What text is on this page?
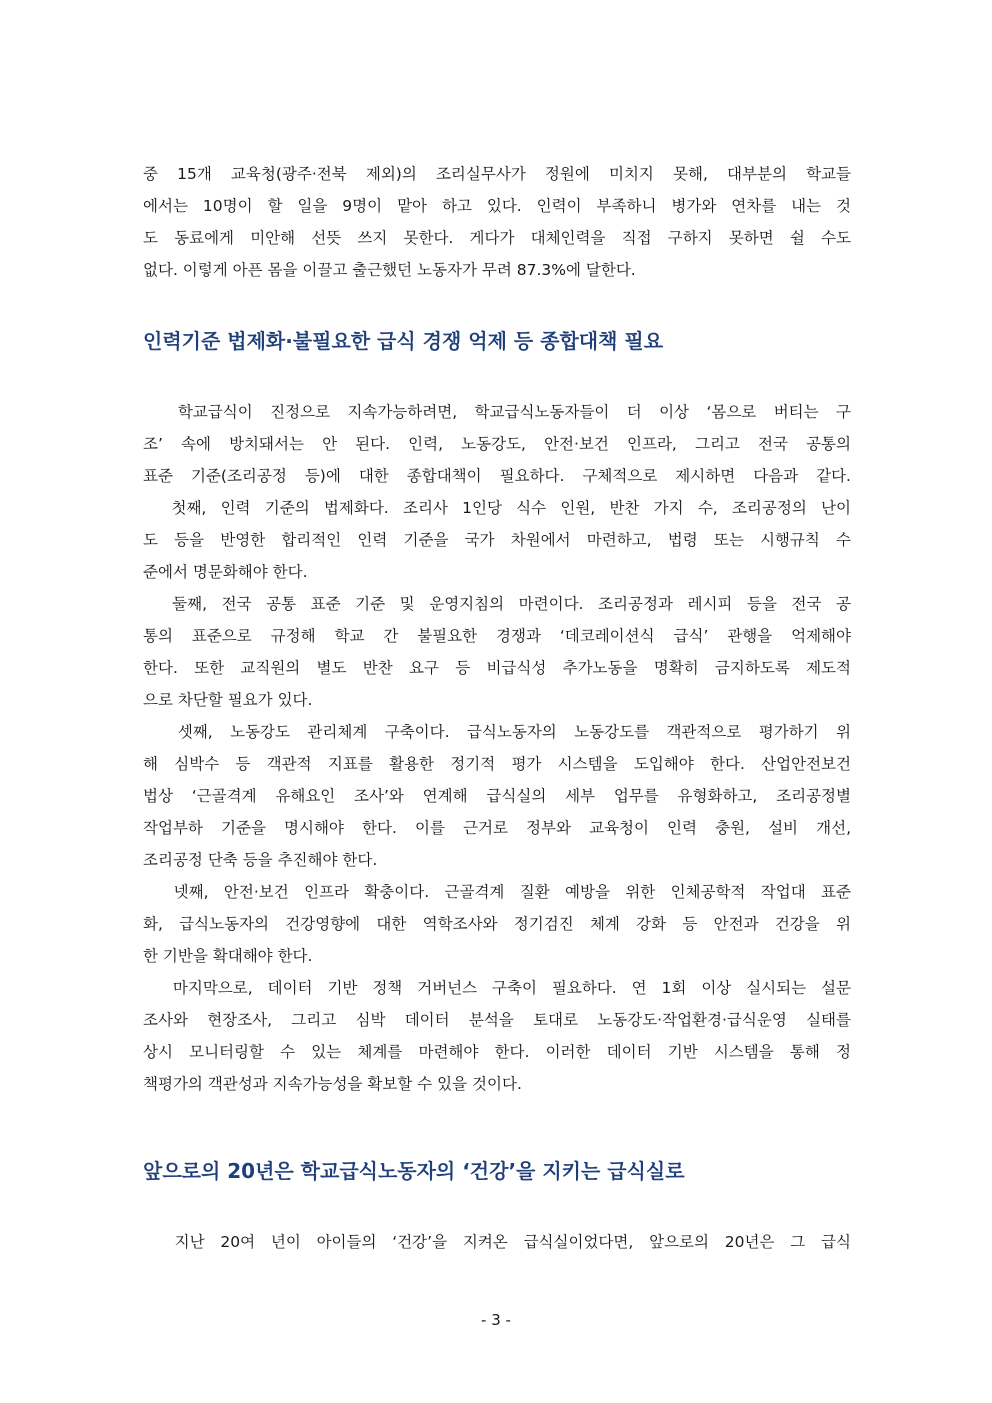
중 15개 교육청(광주·전북 제외)의 조리실무사가 정원에 미치지 못해, 대부분의 학교들
에서는 10명이 할 일을 9명이 맡아 하고 있다. 인력이 부족하니 병가와 연차를 내는 것
도 동료에게 미안해 선뜻 쓰지 못한다. 게다가 대체인력을 직접 구하지 못하면 쉴 수도
없다. 이렇게 아픈 몸을 이끌고 출근했던 노동자가 무려 87.3%에 달한다.

인력기준 법제화·불필요한 급식 경쟁 억제 등 종합대책 필요

학교급식이 진정으로 지속가능하려면, 학교급식노동자들이 더 이상 ‘몸으로 버티는 구
조’ 속에 방치돼서는 안 된다. 인력, 노동강도, 안전·보건 인프라, 그리고 전국 공통의
표준 기준(조리공정 등)에 대한 종합대책이 필요하다. 구체적으로 제시하면 다음과 같다.
첫째, 인력 기준의 법제화다. 조리사 1인당 식수 인원, 반찬 가지 수, 조리공정의 난이
도 등을 반영한 합리적인 인력 기준을 국가 차원에서 마련하고, 법령 또는 시행규칙 수
준에서 명문화해야 한다.
둘째, 전국 공통 표준 기준 및 운영지침의 마련이다. 조리공정과 레시피 등을 전국 공
통의 표준으로 규정해 학교 간 불필요한 경쟁과 ‘데코레이션식 급식’ 관행을 억제해야
한다. 또한 교직원의 별도 반찬 요구 등 비급식성 추가노동을 명확히 금지하도록 제도적
으로 차단할 필요가 있다.
셋째, 노동강도 관리체계 구축이다. 급식노동자의 노동강도를 객관적으로 평가하기 위
해 심박수 등 객관적 지표를 활용한 정기적 평가 시스템을 도입해야 한다. 산업안전보건
법상 ‘근골격계 유해요인 조사’와 연계해 급식실의 세부 업무를 유형화하고, 조리공정별
작업부하 기준을 명시해야 한다. 이를 근거로 정부와 교육청이 인력 충원, 설비 개선,
조리공정 단축 등을 추진해야 한다.
넷째, 안전·보건 인프라 확충이다. 근골격계 질환 예방을 위한 인체공학적 작업대 표준
화, 급식노동자의 건강영향에 대한 역학조사와 정기검진 체계 강화 등 안전과 건강을 위
한 기반을 확대해야 한다.
마지막으로, 데이터 기반 정책 거버넌스 구축이 필요하다. 연 1회 이상 실시되는 설문
조사와 현장조사, 그리고 심박 데이터 분석을 토대로 노동강도·작업환경·급식운영 실태를
상시 모니터링할 수 있는 체계를 마련해야 한다. 이러한 데이터 기반 시스템을 통해 정
책평가의 객관성과 지속가능성을 확보할 수 있을 것이다.

앞으로의 20년은 학교급식노동자의 ‘건강’을 지키는 급식실로

지난 20여 년이 아이들의 ‘건강’을 지켜온 급식실이었다면, 앞으로의 20년은 그 급식

- 3 -
